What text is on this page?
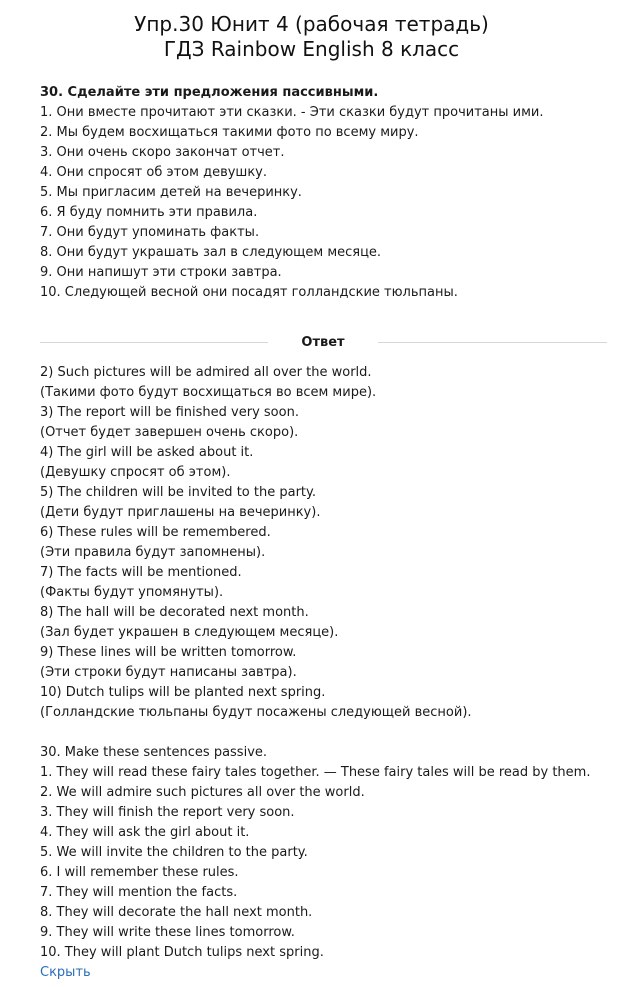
Упр.30 Юнит 4 (рабочая тетрадь)
ГДЗ Rainbow English 8 класс
30. Сделайте эти предложения пассивными.
1. Они вместе прочитают эти сказки. - Эти сказки будут прочитаны ими.
2. Мы будем восхищаться такими фото по всему миру.
3. Они очень скоро закончат отчет.
4. Они спросят об этом девушку.
5. Мы пригласим детей на вечеринку.
6. Я буду помнить эти правила.
7. Они будут упоминать факты.
8. Они будут украшать зал в следующем месяце.
9. Они напишут эти строки завтра.
10. Следующей весной они посадят голландские тюльпаны.
Ответ
2) Such pictures will be admired all over the world.
(Такими фото будут восхищаться во всем мире).
3) The report will be finished very soon.
(Отчет будет завершен очень скоро).
4) The girl will be asked about it.
(Девушку спросят об этом).
5) The children will be invited to the party.
(Дети будут приглашены на вечеринку).
6) These rules will be remembered.
(Эти правила будут запомнены).
7) The facts will be mentioned.
(Факты будут упомянуты).
8) The hall will be decorated next month.
(Зал будет украшен в следующем месяце).
9) These lines will be written tomorrow.
(Эти строки будут написаны завтра).
10) Dutch tulips will be planted next spring.
(Голландские тюльпаны будут посажены следующей весной).
30. Make these sentences passive.
1. They will read these fairy tales together. — These fairy tales will be read by them.
2. We will admire such pictures all over the world.
3. They will finish the report very soon.
4. They will ask the girl about it.
5. We will invite the children to the party.
6. I will remember these rules.
7. They will mention the facts.
8. They will decorate the hall next month.
9. They will write these lines tomorrow.
10. They will plant Dutch tulips next spring.
Скрыть
